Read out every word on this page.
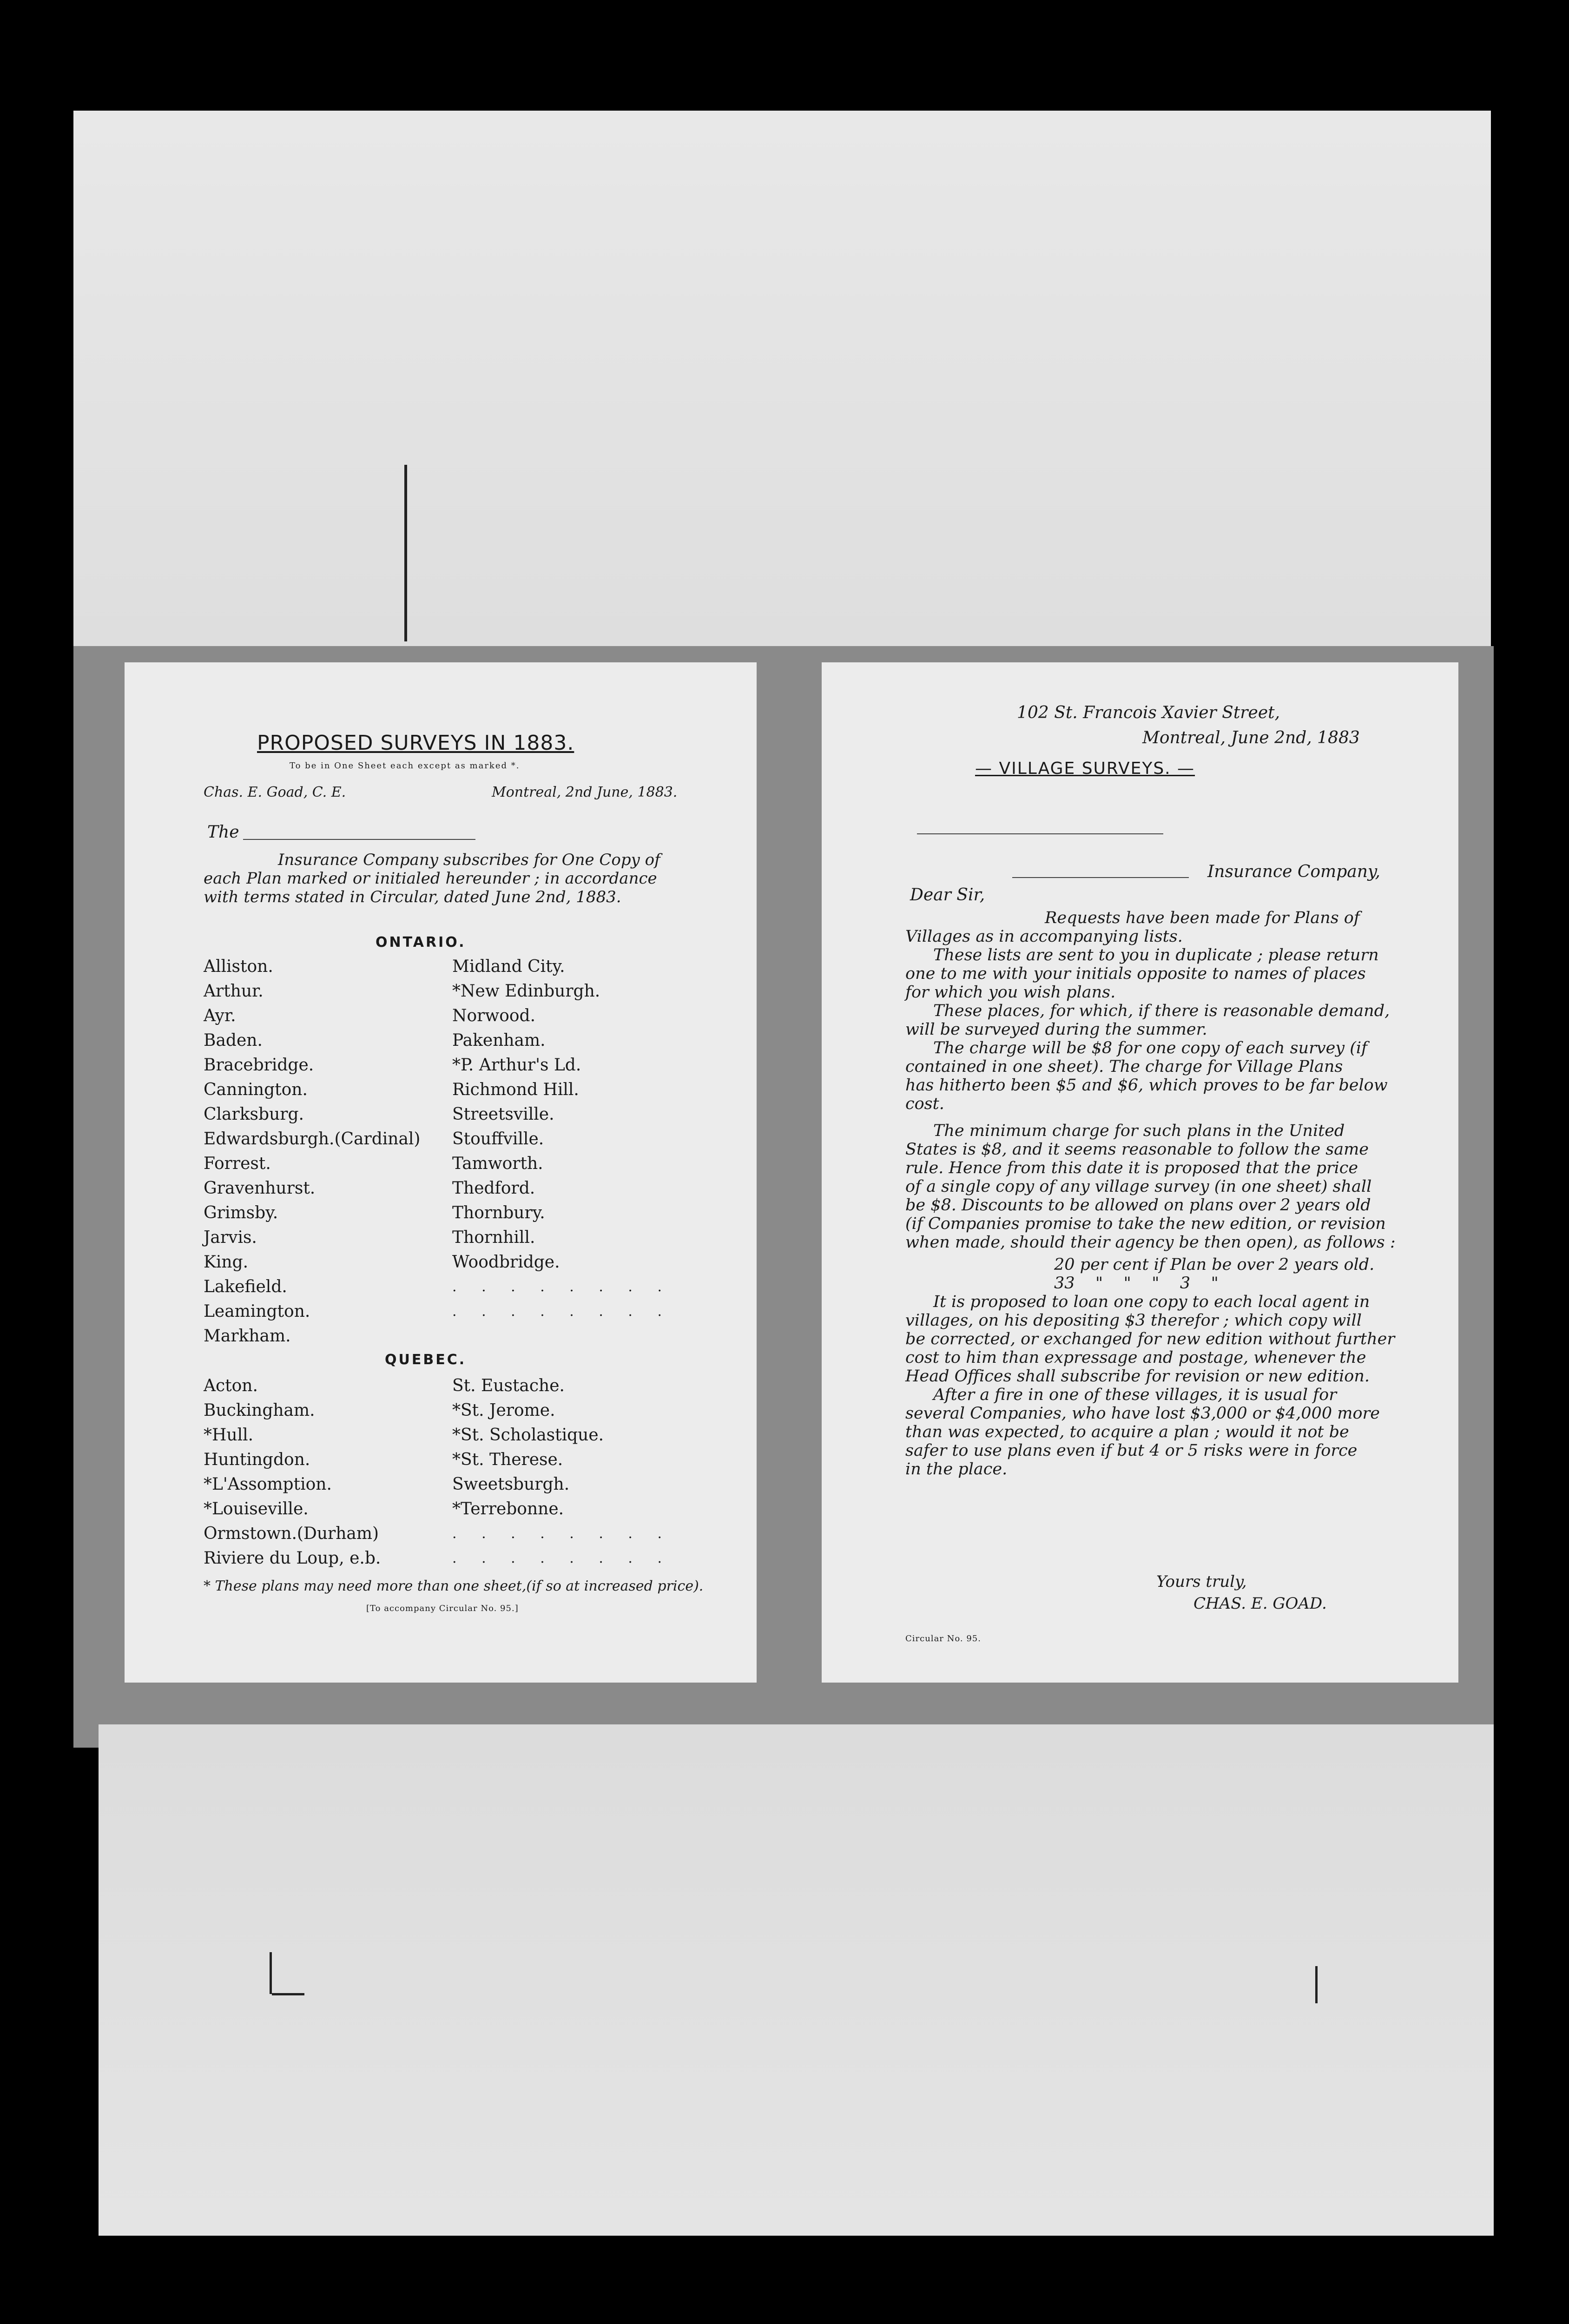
PROPOSED SURVEYS IN 1883.
To be in One Sheet each except as marked *.
Chas. E. Goad, C. E.	Montreal, 2nd June, 1883.
The
Insurance Company subscribes for One Copy of
each Plan marked or initialed hereunder ; in accordance
with terms stated in Circular, dated June 2nd, 1883.
ONTARIO.
Alliston.
Arthur.
Ayr.
Baden.
Bracebridge.
Cannington.
Clarksburg.
Edwardsburgh.(Cardinal)
Forrest.
Gravenhurst.
Grimsby.
Jarvis.
King.
Lakefield.
Leamington.
Markham.
Midland City.
*New Edinburgh.
Norwood.
Pakenham.
*P. Arthur's Ld.
Richmond Hill.
Streetsville.
Stouffville.
Tamworth.
Thedford.
Thornbury.
Thornhill.
Woodbridge.
. . . . . . . .
. . . . . . . .
QUEBEC.
Acton.
Buckingham.
*Hull.
Huntingdon.
*L'Assomption.
*Louiseville.
Ormstown.(Durham)
Riviere du Loup, e.b.
St. Eustache.
*St. Jerome.
*St. Scholastique.
*St. Therese.
Sweetsburgh.
*Terrebonne.
. . . . . . . .
. . . . . . . .
* These plans may need more than one sheet,(if so at increased price).
[To accompany Circular No. 95.]
102 St. Francois Xavier Street,
Montreal, June 2nd, 1883
— VILLAGE SURVEYS. —
Insurance Company,
Dear Sir,

Requests have been made for Plans of

Villages as in accompanying lists.

These lists are sent to you in duplicate ; please return

one to me with your initials opposite to names of places

for which you wish plans.

These places, for which, if there is reasonable demand,

will be surveyed during the summer.

The charge will be $8 for one copy of each survey (if

contained in one sheet). The charge for Village Plans

has hitherto been $5 and $6, which proves to be far below

cost.

The minimum charge for such plans in the United

States is $8, and it seems reasonable to follow the same

rule. Hence from this date it is proposed that the price

of a single copy of any village survey (in one sheet) shall

be $8. Discounts to be allowed on plans over 2 years old

(if Companies promise to take the new edition, or revision

when made, should their agency be then open), as follows :

20 per cent if Plan be over 2 years old.

33    "    "    "    3    "

It is proposed to loan one copy to each local agent in

villages, on his depositing $3 therefor ; which copy will

be corrected, or exchanged for new edition without further

cost to him than expressage and postage, whenever the

Head Offices shall subscribe for revision or new edition.

After a fire in one of these villages, it is usual for

several Companies, who have lost $3,000 or $4,000 more

than was expected, to acquire a plan ; would it not be

safer to use plans even if but 4 or 5 risks were in force

in the place.

Yours truly,
CHAS. E. GOAD.
Circular No. 95.
